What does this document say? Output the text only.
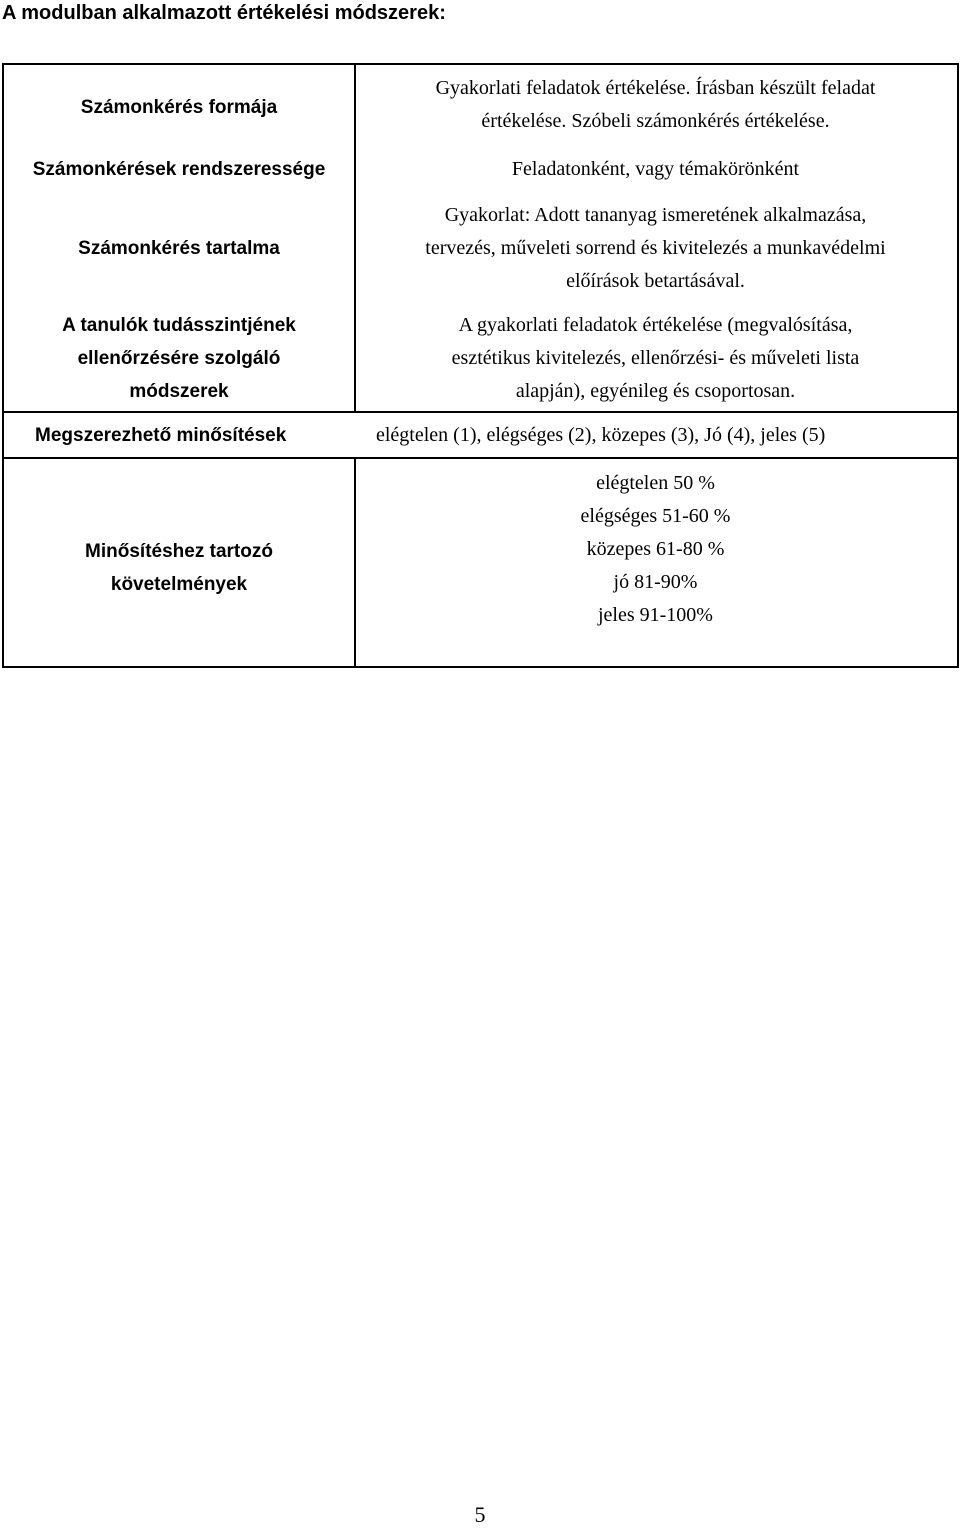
A modulban alkalmazott értékelési módszerek:
Számonkérés formája
Gyakorlati feladatok értékelése. Írásban készült feladat
értékelése. Szóbeli számonkérés értékelése.
Számonkérések rendszeressége	Feladatonként, vagy témakörönként
Számonkérés tartalma
Gyakorlat: Adott tananyag ismeretének alkalmazása,
tervezés, műveleti sorrend és kivitelezés a munkavédelmi
előírások betartásával.
A tanulók tudásszintjének
ellenőrzésére szolgáló
módszerek
A gyakorlati feladatok értékelése (megvalósítása,
esztétikus kivitelezés, ellenőrzési- és műveleti lista
alapján), egyénileg és csoportosan.
Megszerezhető minősítések	elégtelen (1), elégséges (2), közepes (3), Jó (4), jeles (5)
Minősítéshez tartozó
követelmények
elégtelen 50 %
elégséges 51-60 %
közepes 61-80 %
jó 81-90%
jeles 91-100%
5
